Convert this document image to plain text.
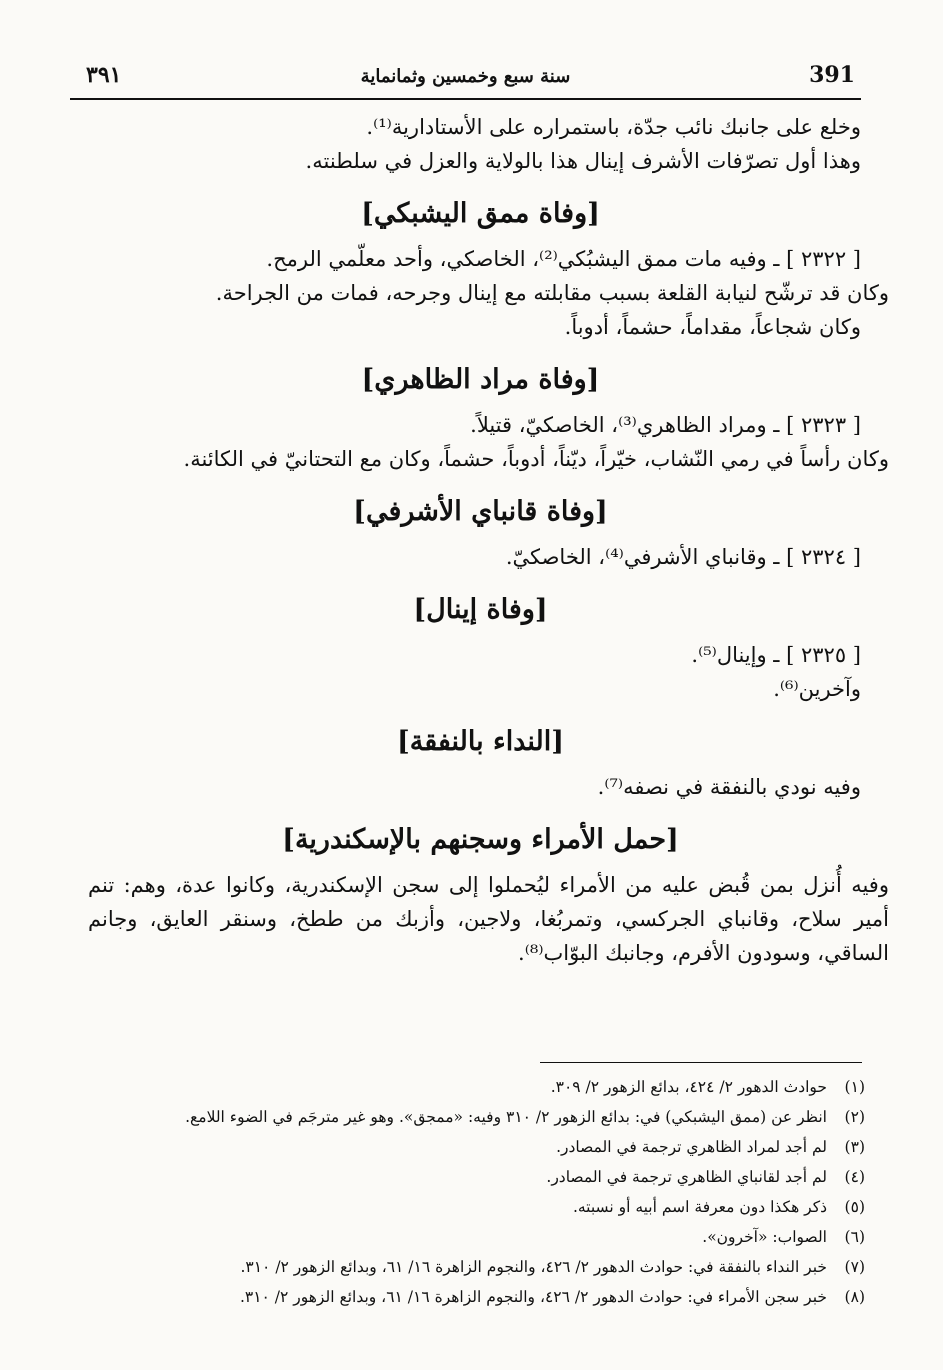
٣٩١	سنة سبع وخمسين وثمانماية	391

وخلع على جانبك نائب جدّة، باستمراره على الأستادارية⁽¹⁾.

وهذا أول تصرّفات الأشرف إينال هذا بالولاية والعزل في سلطنته.

[وفاة ممق اليشبكي]

[ ٢٣٢٢ ] ـ وفيه مات ممق اليشبُكي⁽²⁾، الخاصكي، وأحد معلّمي الرمح.

وكان قد ترشّح لنيابة القلعة بسبب مقابلته مع إينال وجرحه، فمات من الجراحة.

وكان شجاعاً، مقداماً، حشماً، أدوباً.

[وفاة مراد الظاهري]

[ ٢٣٢٣ ] ـ ومراد الظاهري⁽³⁾، الخاصكيّ، قتيلاً.

وكان رأساً في رمي النّشاب، خيّراً، ديّناً، أدوباً، حشماً، وكان مع التحتانيّ في الكائنة.

[وفاة قانباي الأشرفي]

[ ٢٣٢٤ ] ـ وقانباي الأشرفي⁽⁴⁾، الخاصكيّ.

[وفاة إينال]

[ ٢٣٢٥ ] ـ وإينال⁽⁵⁾.

وآخرين⁽⁶⁾.

[النداء بالنفقة]

وفيه نودي بالنفقة في نصفه⁽⁷⁾.

[حمل الأمراء وسجنهم بالإسكندرية]

وفيه أُنزل بمن قُبض عليه من الأمراء ليُحملوا إلى سجن الإسكندرية، وكانوا عدة، وهم: تنم أمير سلاح، وقانباي الجركسي، وتمربُغا، ولاجين، وأزبك من ططخ، وسنقر العايق، وجانم الساقي، وسودون الأفرم، وجانبك البوّاب⁽⁸⁾.

(١)حوادث الدهور ٢/ ٤٢٤، بدائع الزهور ٢/ ٣٠٩.

(٢)انظر عن (ممق اليشبكي) في: بدائع الزهور ٢/ ٣١٠ وفيه: «ممجق». وهو غير مترجَم في الضوء اللامع.

(٣)لم أجد لمراد الظاهري ترجمة في المصادر.

(٤)لم أجد لقانباي الظاهري ترجمة في المصادر.

(٥)ذكر هكذا دون معرفة اسم أبيه أو نسبته.

(٦)الصواب: «آخرون».

(٧)خبر النداء بالنفقة في: حوادث الدهور ٢/ ٤٢٦، والنجوم الزاهرة ١٦/ ٦١، وبدائع الزهور ٢/ ٣١٠.

(٨)خبر سجن الأمراء في: حوادث الدهور ٢/ ٤٢٦، والنجوم الزاهرة ١٦/ ٦١، وبدائع الزهور ٢/ ٣١٠.
